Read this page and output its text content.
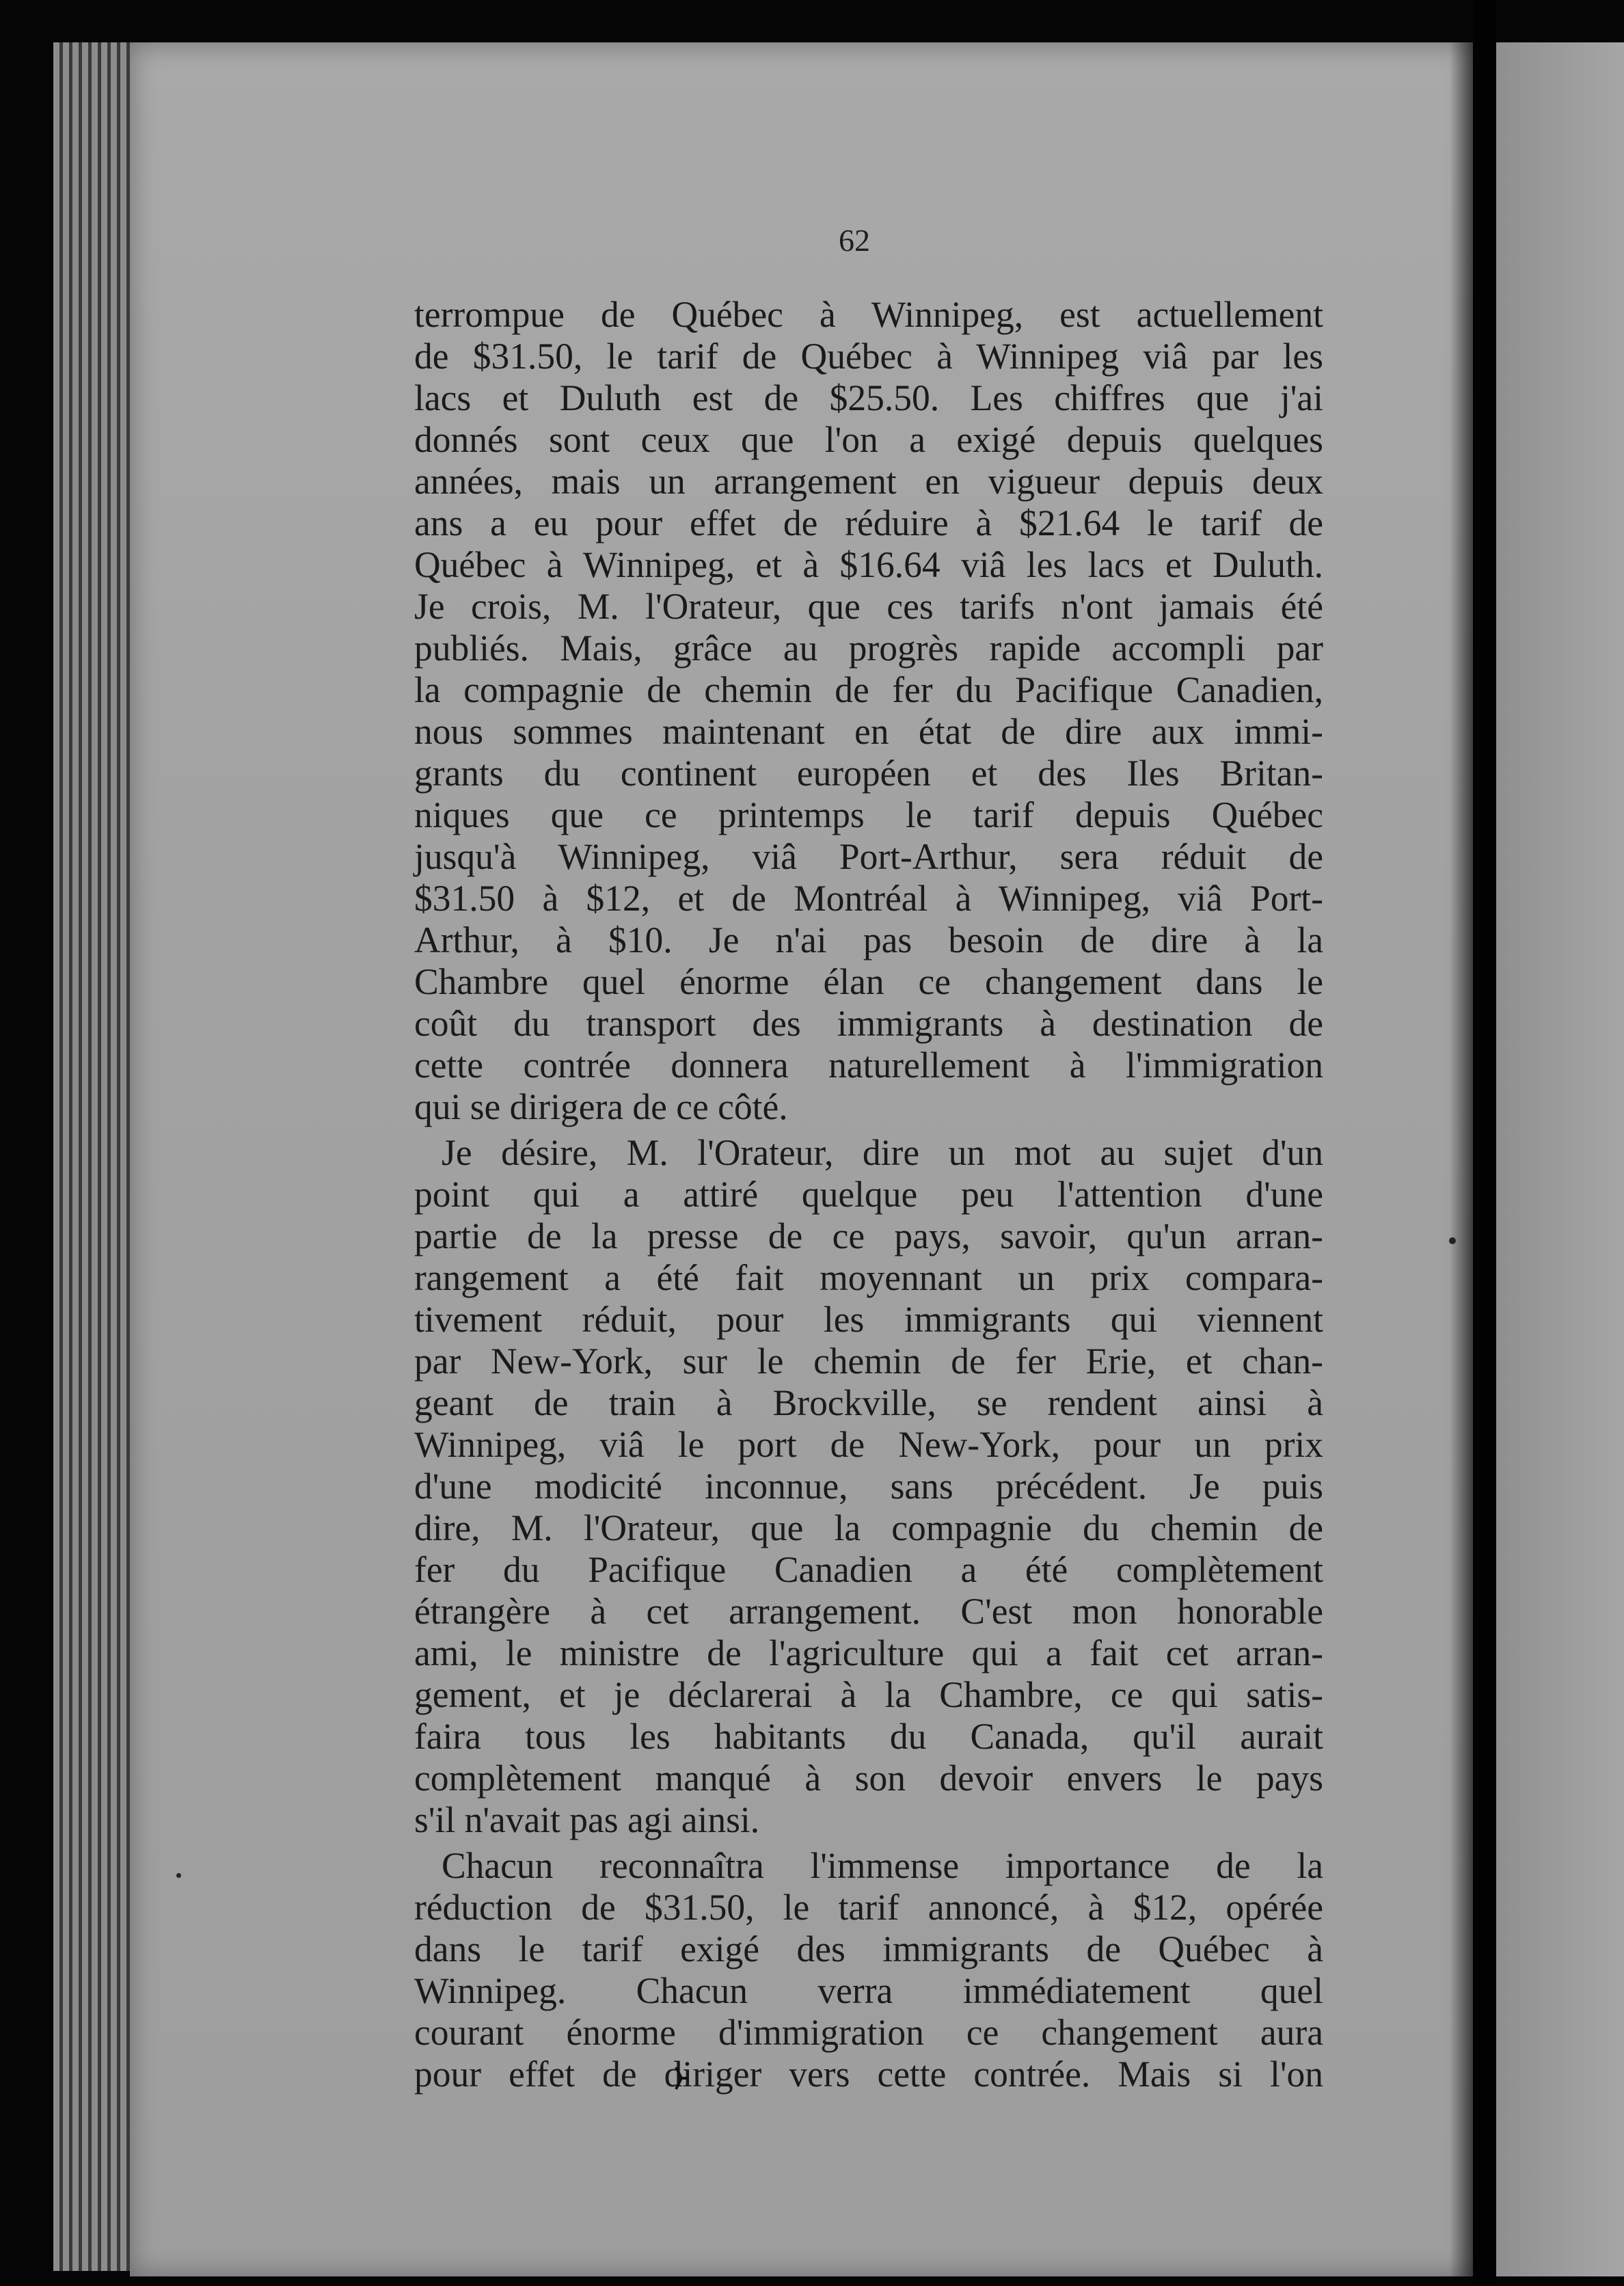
62
terrompue de Québec à Winnipeg, est actuellement
de $31.50, le tarif de Québec à Winnipeg viâ par les
lacs et Duluth est de $25.50. Les chiffres que j'ai
donnés sont ceux que l'on a exigé depuis quelques
années, mais un arrangement en vigueur depuis deux
ans a eu pour effet de réduire à $21.64 le tarif de
Québec à Winnipeg, et à $16.64 viâ les lacs et Duluth.
Je crois, M. l'Orateur, que ces tarifs n'ont jamais été
publiés. Mais, grâce au progrès rapide accompli par
la compagnie de chemin de fer du Pacifique Canadien,
nous sommes maintenant en état de dire aux immi-
grants du continent européen et des Iles Britan-
niques que ce printemps le tarif depuis Québec
jusqu'à Winnipeg, viâ Port-Arthur, sera réduit de
$31.50 à $12, et de Montréal à Winnipeg, viâ Port-
Arthur, à $10. Je n'ai pas besoin de dire à la
Chambre quel énorme élan ce changement dans le
coût du transport des immigrants à destination de
cette contrée donnera naturellement à l'immigration
qui se dirigera de ce côté.
Je désire, M. l'Orateur, dire un mot au sujet d'un
point qui a attiré quelque peu l'attention d'une
partie de la presse de ce pays, savoir, qu'un arran-
rangement a été fait moyennant un prix compara-
tivement réduit, pour les immigrants qui viennent
par New-York, sur le chemin de fer Erie, et chan-
geant de train à Brockville, se rendent ainsi à
Winnipeg, viâ le port de New-York, pour un prix
d'une modicité inconnue, sans précédent. Je puis
dire, M. l'Orateur, que la compagnie du chemin de
fer du Pacifique Canadien a été complètement
étrangère à cet arrangement. C'est mon honorable
ami, le ministre de l'agriculture qui a fait cet arran-
gement, et je déclarerai à la Chambre, ce qui satis-
faira tous les habitants du Canada, qu'il aurait
complètement manqué à son devoir envers le pays
s'il n'avait pas agi ainsi.
Chacun reconnaîtra l'immense importance de la
réduction de $31.50, le tarif annoncé, à $12, opérée
dans le tarif exigé des immigrants de Québec à
Winnipeg. Chacun verra immédiatement quel
courant énorme d'immigration ce changement aura
pour effet de diriger vers cette contrée. Mais si l'on
